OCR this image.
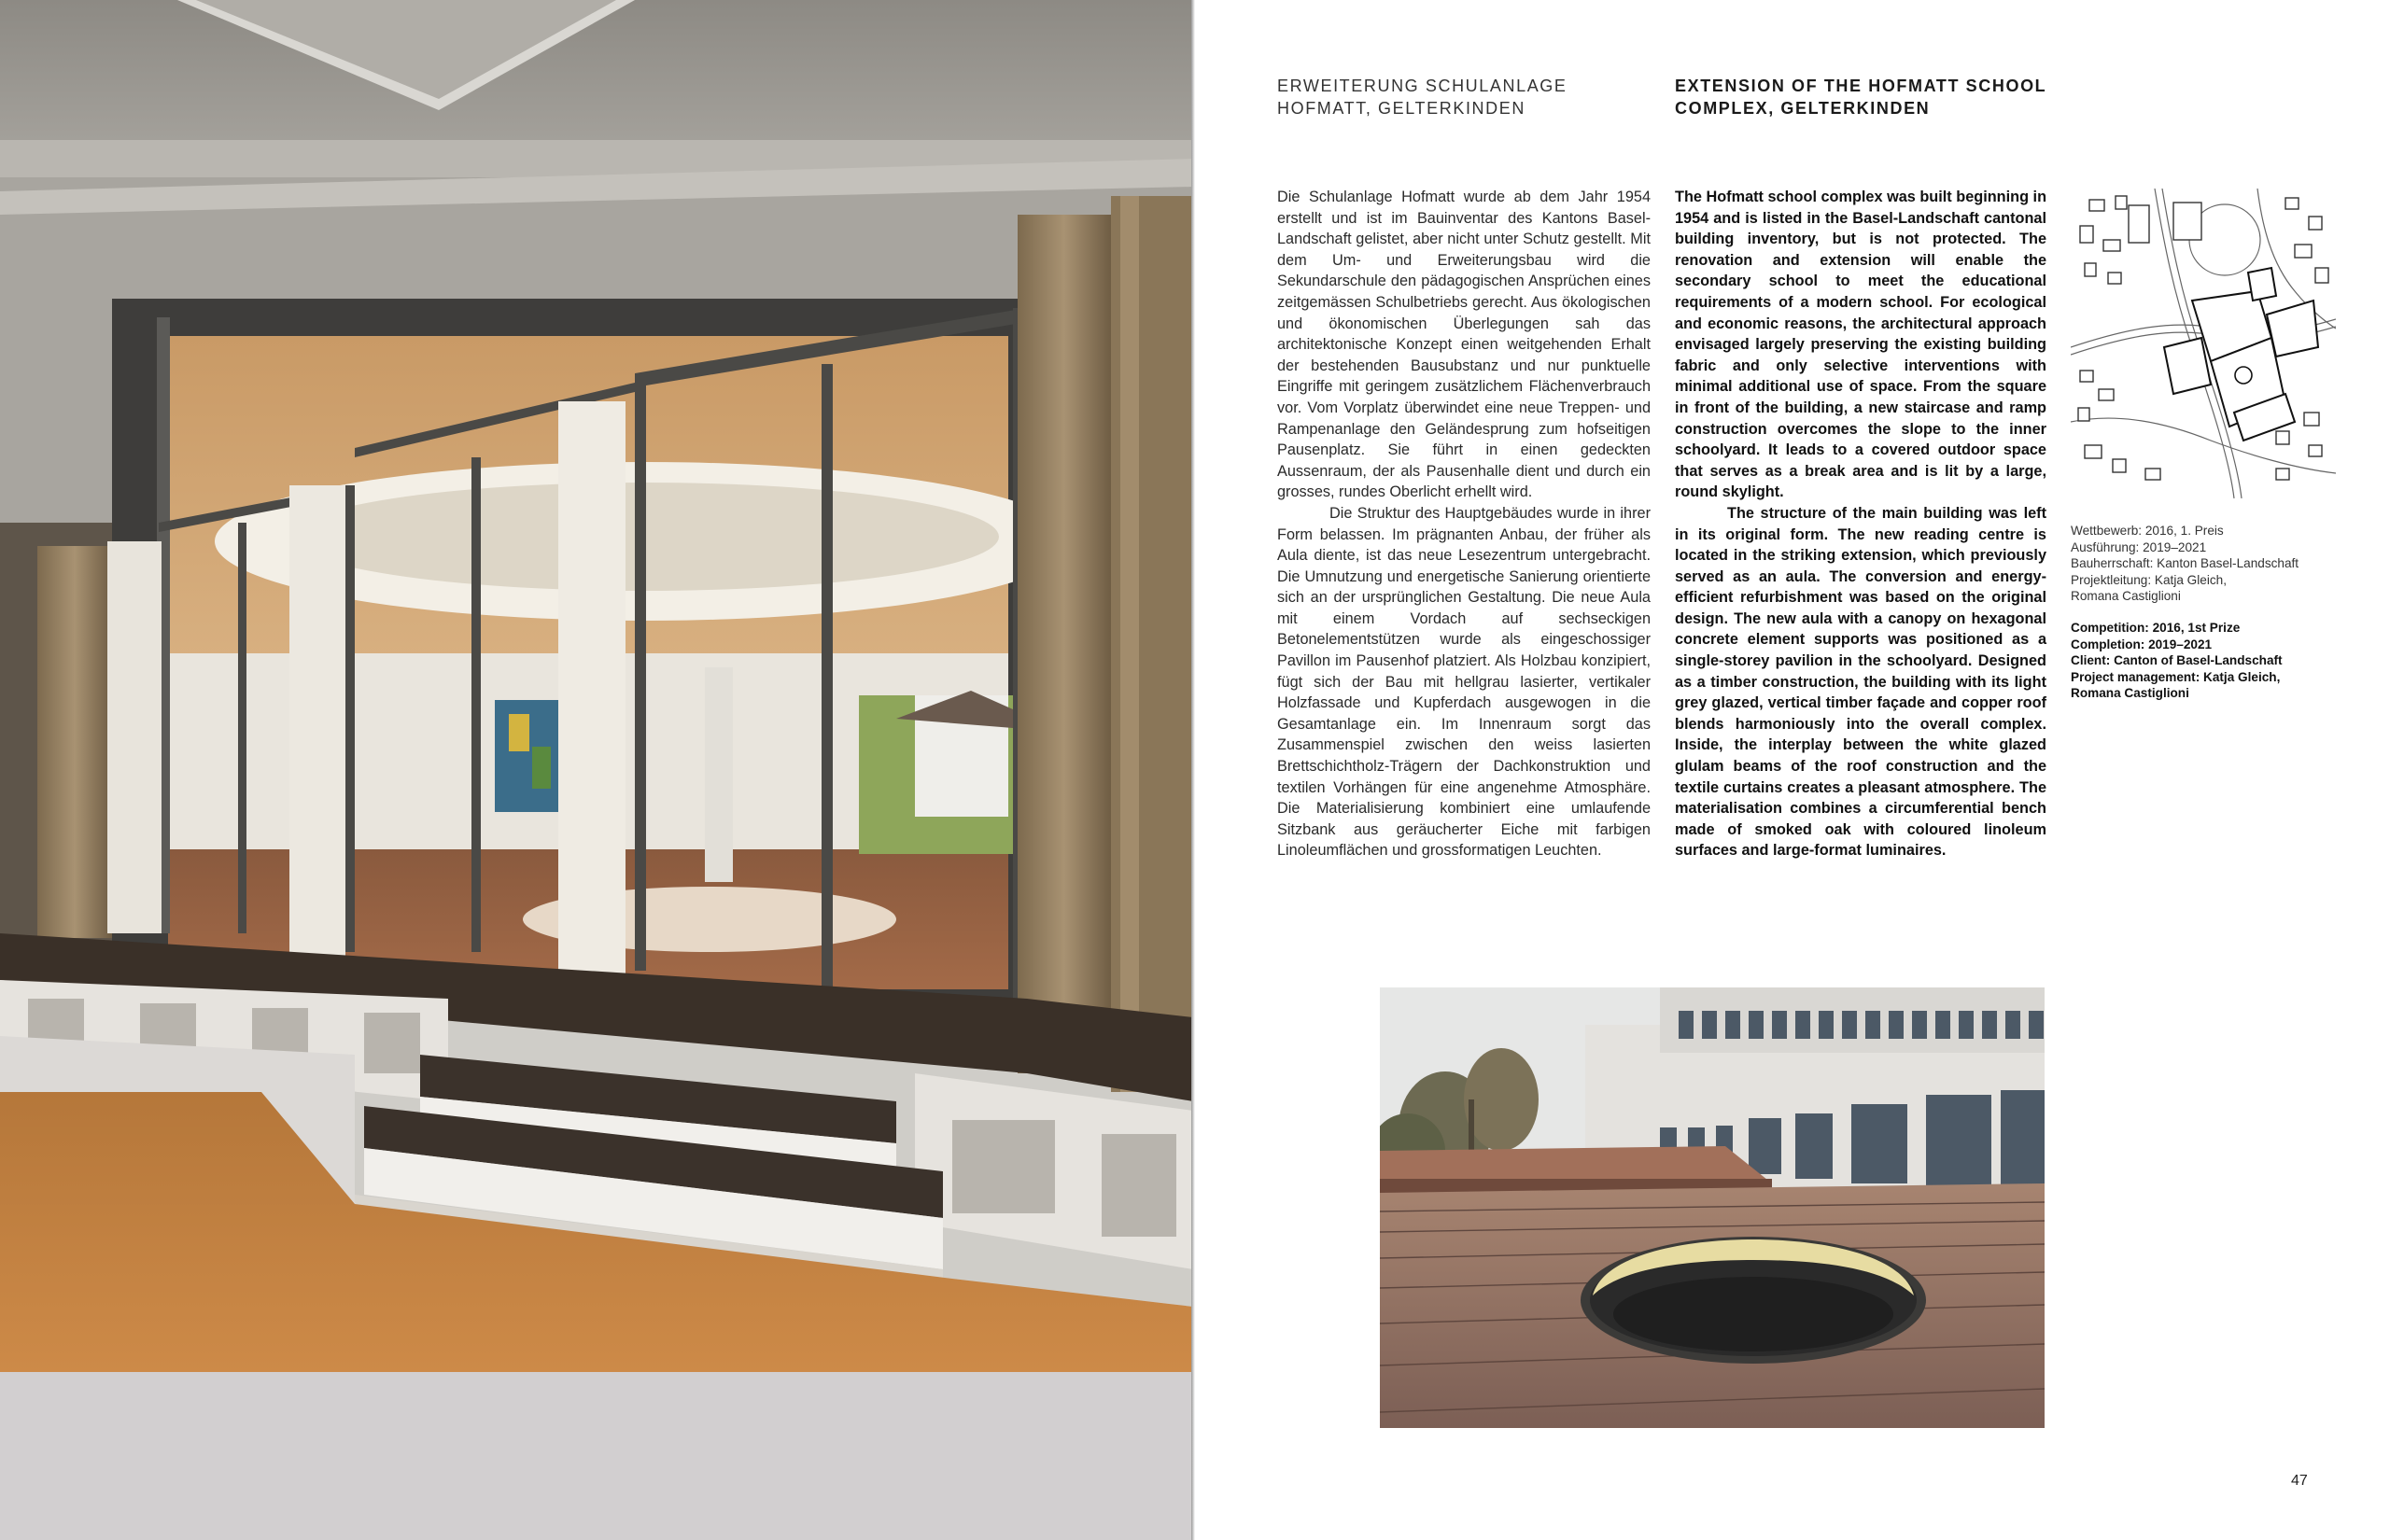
ERWEITERUNG SCHULANLAGE HOFMATT, GELTERKINDEN
EXTENSION OF THE HOFMATT SCHOOL COMPLEX, GELTERKINDEN

Die Schulanlage Hofmatt wurde ab dem Jahr 1954 erstellt und ist im Bauinventar des Kantons Basel-Landschaft gelistet, aber nicht unter Schutz gestellt. Mit dem Um- und Erweiterungsbau wird die Sekundarschule den pädagogischen Ansprüchen eines zeitgemässen Schulbetriebs gerecht. Aus ökologischen und ökonomischen Überlegungen sah das architektonische Konzept einen weitgehenden Erhalt der bestehenden Bausubstanz und nur punktuelle Eingriffe mit geringem zusätzlichem Flächenverbrauch vor. Vom Vorplatz überwindet eine neue Treppen- und Rampenanlage den Geländesprung zum hofseitigen Pausenplatz. Sie führt in einen gedeckten Aussenraum, der als Pausenhalle dient und durch ein grosses, rundes Oberlicht erhellt wird.

Die Struktur des Hauptgebäudes wurde in ihrer Form belassen. Im prägnanten Anbau, der früher als Aula diente, ist das neue Lesezentrum untergebracht. Die Umnutzung und energetische Sanierung orientierte sich an der ursprünglichen Gestaltung. Die neue Aula mit einem Vordach auf sechseckigen Betonelementstützen wurde als eingeschossiger Pavillon im Pausenhof platziert. Als Holzbau konzipiert, fügt sich der Bau mit hellgrau lasierter, vertikaler Holzfassade und Kupferdach ausgewogen in die Gesamtanlage ein. Im Innenraum sorgt das Zusammenspiel zwischen den weiss lasierten Brettschichtholz-Trägern der Dachkonstruktion und textilen Vorhängen für eine angenehme Atmosphäre. Die Materialisierung kombiniert eine umlaufende Sitzbank aus geräucherter Eiche mit farbigen Linoleumflächen und grossformatigen Leuchten.

The Hofmatt school complex was built beginning in 1954 and is listed in the Basel-Landschaft cantonal building inventory, but is not protected. The renovation and extension will enable the secondary school to meet the educational requirements of a modern school. For ecological and economic reasons, the architectural approach envisaged largely preserving the existing building fabric and only selective interventions with minimal additional use of space. From the square in front of the building, a new staircase and ramp construction overcomes the slope to the inner schoolyard. It leads to a covered outdoor space that serves as a break area and is lit by a large, round skylight.

The structure of the main building was left in its original form. The new reading centre is located in the striking extension, which previously served as an aula. The conversion and energy-efficient refurbishment was based on the original design. The new aula with a canopy on hexagonal concrete element supports was positioned as a single-storey pavilion in the schoolyard. Designed as a timber construction, the building with its light grey glazed, vertical timber façade and copper roof blends harmoniously into the overall complex. Inside, the interplay between the white glazed glulam beams of the roof construction and the textile curtains creates a pleasant atmosphere. The materialisation combines a circumferential bench made of smoked oak with coloured linoleum surfaces and large-format luminaires.

Wettbewerb: 2016, 1. Preis
Ausführung: 2019–2021
Bauherrschaft: Kanton Basel-Landschaft
Projektleitung: Katja Gleich,
Romana Castiglioni
Competition: 2016, 1st Prize
Completion: 2019–2021
Client: Canton of Basel-Landschaft
Project management: Katja Gleich,
Romana Castiglioni
47
